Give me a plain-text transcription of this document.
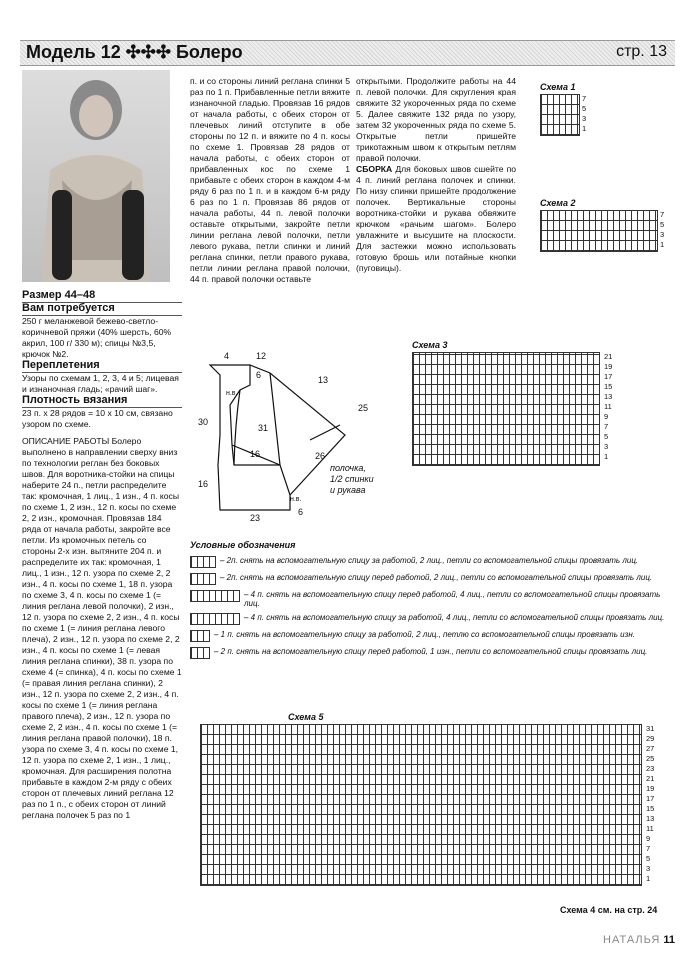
Модель 12 ✣✣✣ Болеро	стр. 13

Размер 44–48

Вам потребуется

250 г меланжевой бежево-светло-коричневой пряжи (40% шерсть, 60% акрил, 100 г/ 330 м); спицы №3,5, крючок №2.

Переплетения

Узоры по схемам 1, 2, 3, 4 и 5; лицевая и изнаночная гладь; «рачий шаг».

Плотность вязания

23 п. x 28 рядов = 10 x 10 см, связано узором по схеме.

ОПИСАНИЕ РАБОТЫ Болеро выполнено в направлении сверху вниз по технологии реглан без боковых швов. Для воротника-стойки на спицы наберите 24 п., петли распределите так: кромочная, 1 лиц., 1 изн., 4 п. косы по схеме 1, 2 изн., 12 п. косы по схеме 2, 2 изн., кромочная. Провязав 184 ряда от начала работы, закройте все петли. Из кромочных петель со стороны 2-х изн. вытяните 204 п. и распределите их так: кромочная, 1 лиц., 1 изн., 12 п. узора по схеме 2, 2 изн., 4 п. косы по схеме 1, 18 п. узора по схеме 3, 4 п. косы по схеме 1 (= линия реглана левой полочки), 2 изн., 12 п. узора по схеме 2, 2 изн., 4 п. косы по схеме 1 (= линия реглана левого плеча), 2 изн., 12 п. узора по схеме 2, 2 изн., 4 п. косы по схеме 1 (= левая линия реглана спинки), 38 п. узора по схеме 4 (= спинка), 4 п. косы по схеме 1 (= правая линия реглана спинки), 2 изн., 12 п. узора по схеме 2, 2 изн., 4 п. косы по схеме 1 (= линия реглана правого плеча), 2 изн., 12 п. узора по схеме 2, 2 изн., 4 п. косы по схеме 1 (= линия реглана правой полочки), 18 п. узора по схеме 3, 4 п. косы по схеме 1, 12 п. узора по схеме 2, 1 изн., 1 лиц., кромочная. Для расширения полотна прибавьте в каждом 2-м ряду с обеих сторон от плечевых линий реглана 12 раз по 1 п., с обеих сторон от линий реглана полочек 5 раз по 1

п. и со стороны линий реглана спинки 5 раз по 1 п. Прибавленные петли вяжите изнаночной гладью. Провязав 16 рядов от начала работы, с обеих сторон от плечевых линий отступите в обе стороны по 12 п. и вяжите по 4 п. косы по схеме 1. Провязав 28 рядов от начала работы, с обеих сторон от прибавленных кос по схеме 1 прибавьте с обеих сторон в каждом 4-м ряду 6 раз по 1 п. и в каждом 6-м ряду 6 раз по 1 п. Провязав 86 рядов от начала работы, 44 п. левой полочки оставьте открытыми, закройте петли линии реглана левой полочки, петли левого рукава, петли спинки и линий реглана спинки, петли правого рукава, петли линии реглана правой полочки, 44 п. правой полочки оставьте

открытыми. Продолжите работы на 44 п. левой полочки. Для скругления края свяжите 32 укороченных ряда по схеме 5. Далее свяжите 132 ряда по узору, затем 32 укороченных ряда по схеме 5. Открытые петли пришейте трикотажным швом к открытым петлям правой полочки.

СБОРКА Для боковых швов сшейте по 4 п. линий реглана полочек и спинки. По низу спинки пришейте продолжение полочек. Вертикальные стороны воротника-стойки и рукава обвяжите крючком «рачьим шагом». Болеро увлажните и высушите на плоскости. Для застежки можно использовать готовую брошь или потайные кнопки (пуговицы).

Схема 1
7
5
3
1
Схема 2
7
5
3
1
4	12
6	13
25
30
31
16
16	26
23
6
н.в.
н.в.
полочка,
1/2 спинки
и рукава
Схема 3
21
19
17
15
13
11
9
7
5
3
1
Условные обозначения
– 2п. снять на вспомогательную спицу за работой, 2 лиц., петли со вспомогательной спицы провязать лиц.
– 2п. снять на вспомогательную спицу перед работой, 2 лиц., петли со вспомогательной спицы провязать лиц.
– 4 п. снять на вспомогательную спицу перед работой, 4 лиц., петли со вспомогательной спицы провязать лиц.
– 4 п. снять на вспомогательную спицу за работой, 4 лиц., петли со вспомогательной спицы провязать лиц.
– 1 п. снять на вспомогательную спицу за работой, 2 лиц., петлю со вспомогательной спицы провязать изн.
– 2 п. снять на вспомогательную спицу перед работой, 1 изн., петли со вспомогательной спицы провязать лиц.
Схема 5
31
29
27
25
23
21
19
17
15
13
11
9
7
5
3
1
Схема 4 см. на стр. 24
НАТАЛЬЯ 11
